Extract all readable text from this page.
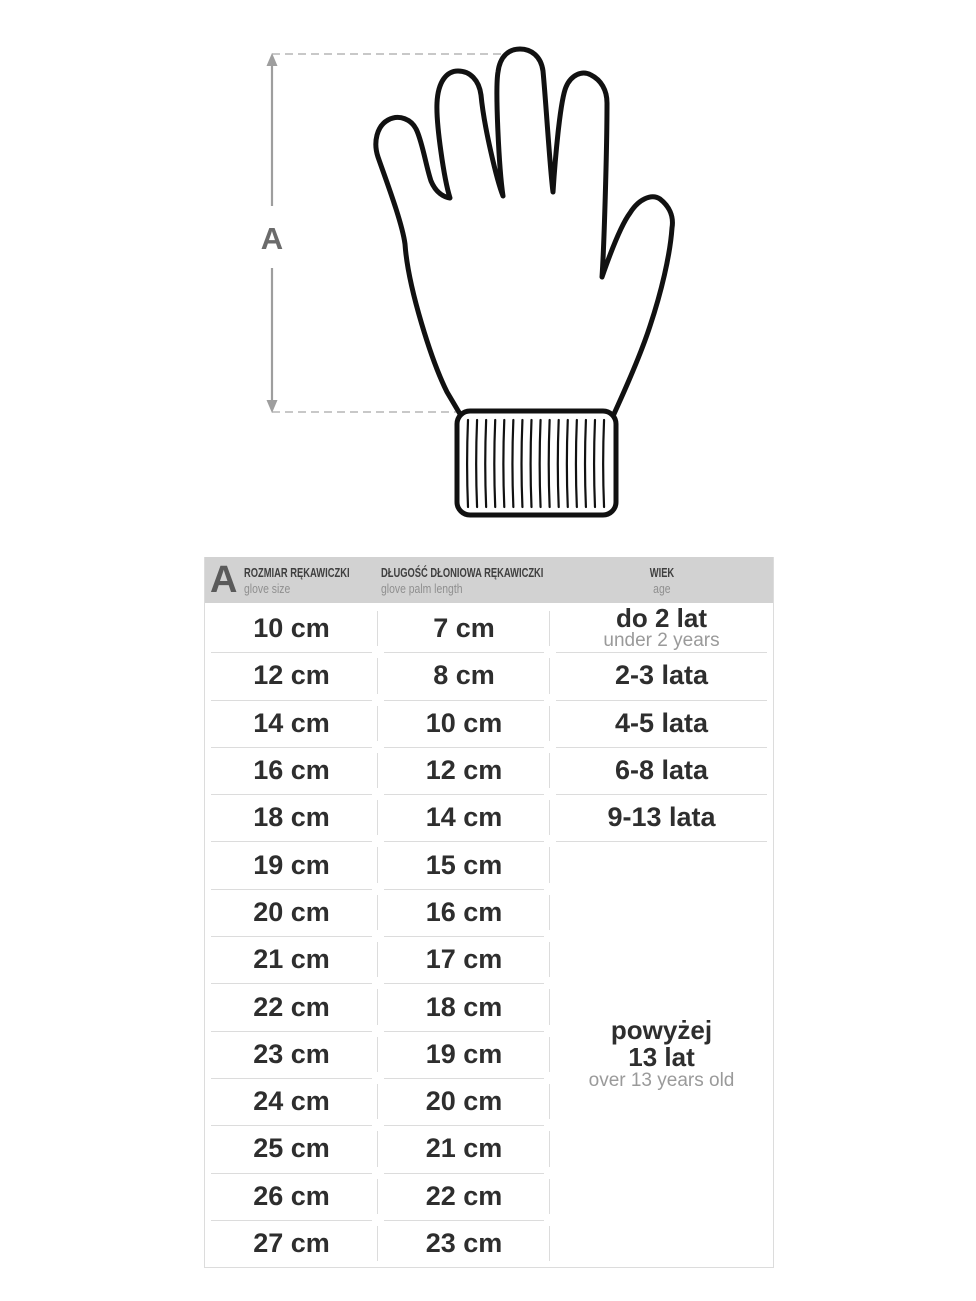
A
A ROZMIAR RĘKAWICZKI
glove size
DŁUGOŚĆ DŁONIOWA RĘKAWICZKI
glove palm length
WIEK
age
10 cm	7 cm	do 2 lat
under 2 years
12 cm	8 cm	2-3 lata
14 cm	10 cm	4-5 lata
16 cm	12 cm	6-8 lata
18 cm	14 cm	9-13 lata
19 cm	15 cm
powyżej
13 lat
over 13 years old
20 cm	16 cm
21 cm	17 cm
22 cm	18 cm
23 cm	19 cm
24 cm	20 cm
25 cm	21 cm
26 cm	22 cm
27 cm	23 cm
